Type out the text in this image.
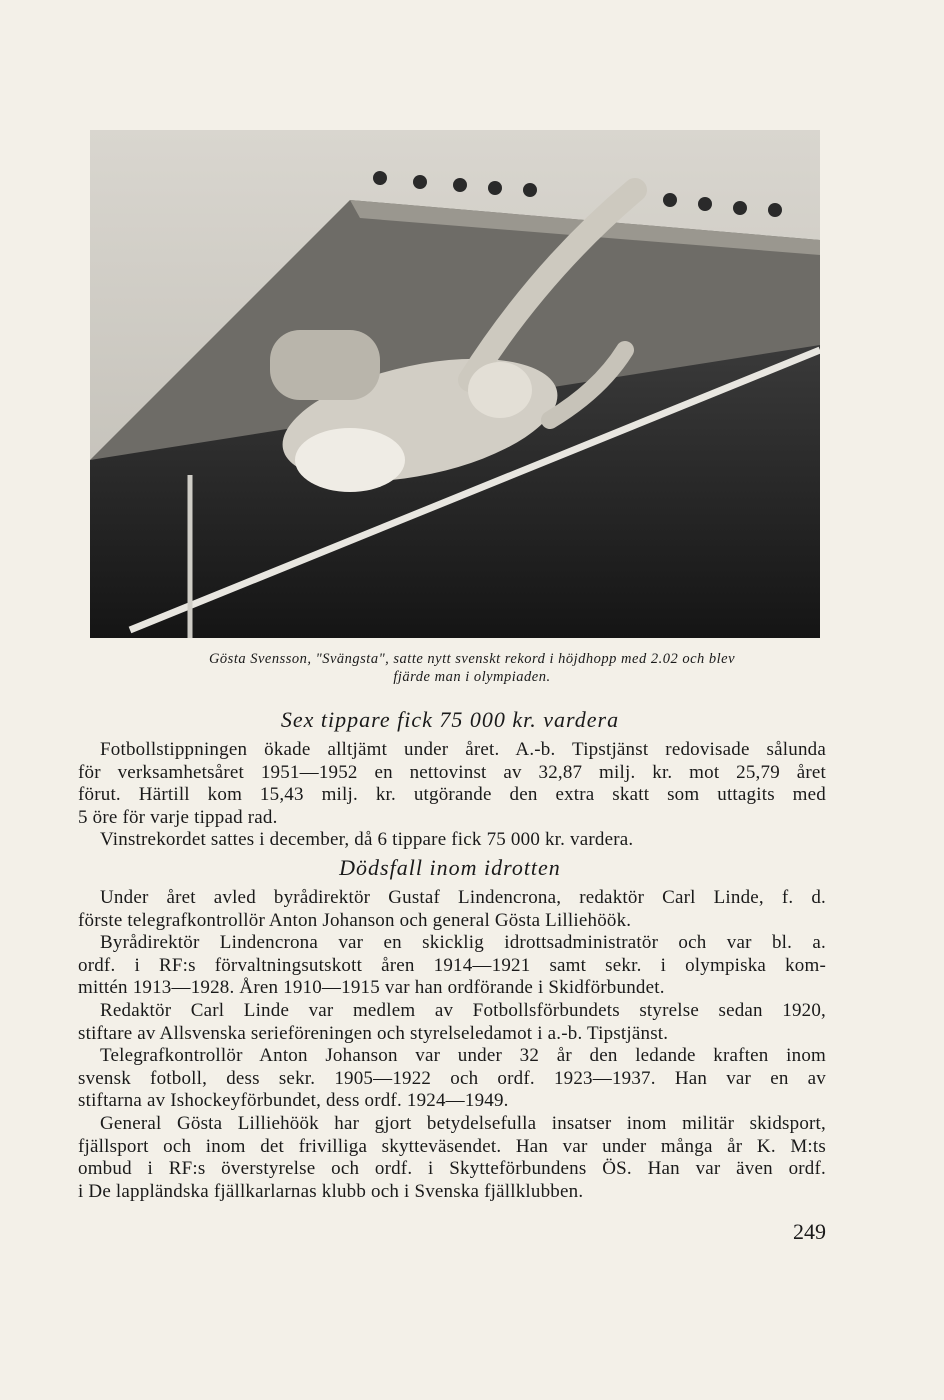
Gösta Svensson, "Svängsta", satte nytt svenskt rekord i höjdhopp med 2.02 och blev
fjärde man i olympiaden.
Sex tippare fick 75 000 kr. vardera

Fotbollstippningen ökade alltjämt under året. A.-b. Tipstjänst redovisade sålunda
för verksamhetsåret 1951—1952 en nettovinst av 32,87 milj. kr. mot 25,79 året
förut. Härtill kom 15,43 milj. kr. utgörande den extra skatt som uttagits med
5 öre för varje tippad rad.

Vinstrekordet sattes i december, då 6 tippare fick 75 000 kr. vardera.

Dödsfall inom idrotten

Under året avled byrådirektör Gustaf Lindencrona, redaktör Carl Linde, f. d.
förste telegrafkontrollör Anton Johanson och general Gösta Lilliehöök.

Byrådirektör Lindencrona var en skicklig idrottsadministratör och var bl. a.
ordf. i RF:s förvaltningsutskott åren 1914—1921 samt sekr. i olympiska kom-
mittén 1913—1928. Åren 1910—1915 var han ordförande i Skidförbundet.

Redaktör Carl Linde var medlem av Fotbollsförbundets styrelse sedan 1920,
stiftare av Allsvenska serieföreningen och styrelseledamot i a.-b. Tipstjänst.

Telegrafkontrollör Anton Johanson var under 32 år den ledande kraften inom
svensk fotboll, dess sekr. 1905—1922 och ordf. 1923—1937. Han var en av
stiftarna av Ishockeyförbundet, dess ordf. 1924—1949.

General Gösta Lilliehöök har gjort betydelsefulla insatser inom militär skidsport,
fjällsport och inom det frivilliga skytteväsendet. Han var under många år K. M:ts
ombud i RF:s överstyrelse och ordf. i Skytteförbundens ÖS. Han var även ordf.
i De lappländska fjällkarlarnas klubb och i Svenska fjällklubben.

249
